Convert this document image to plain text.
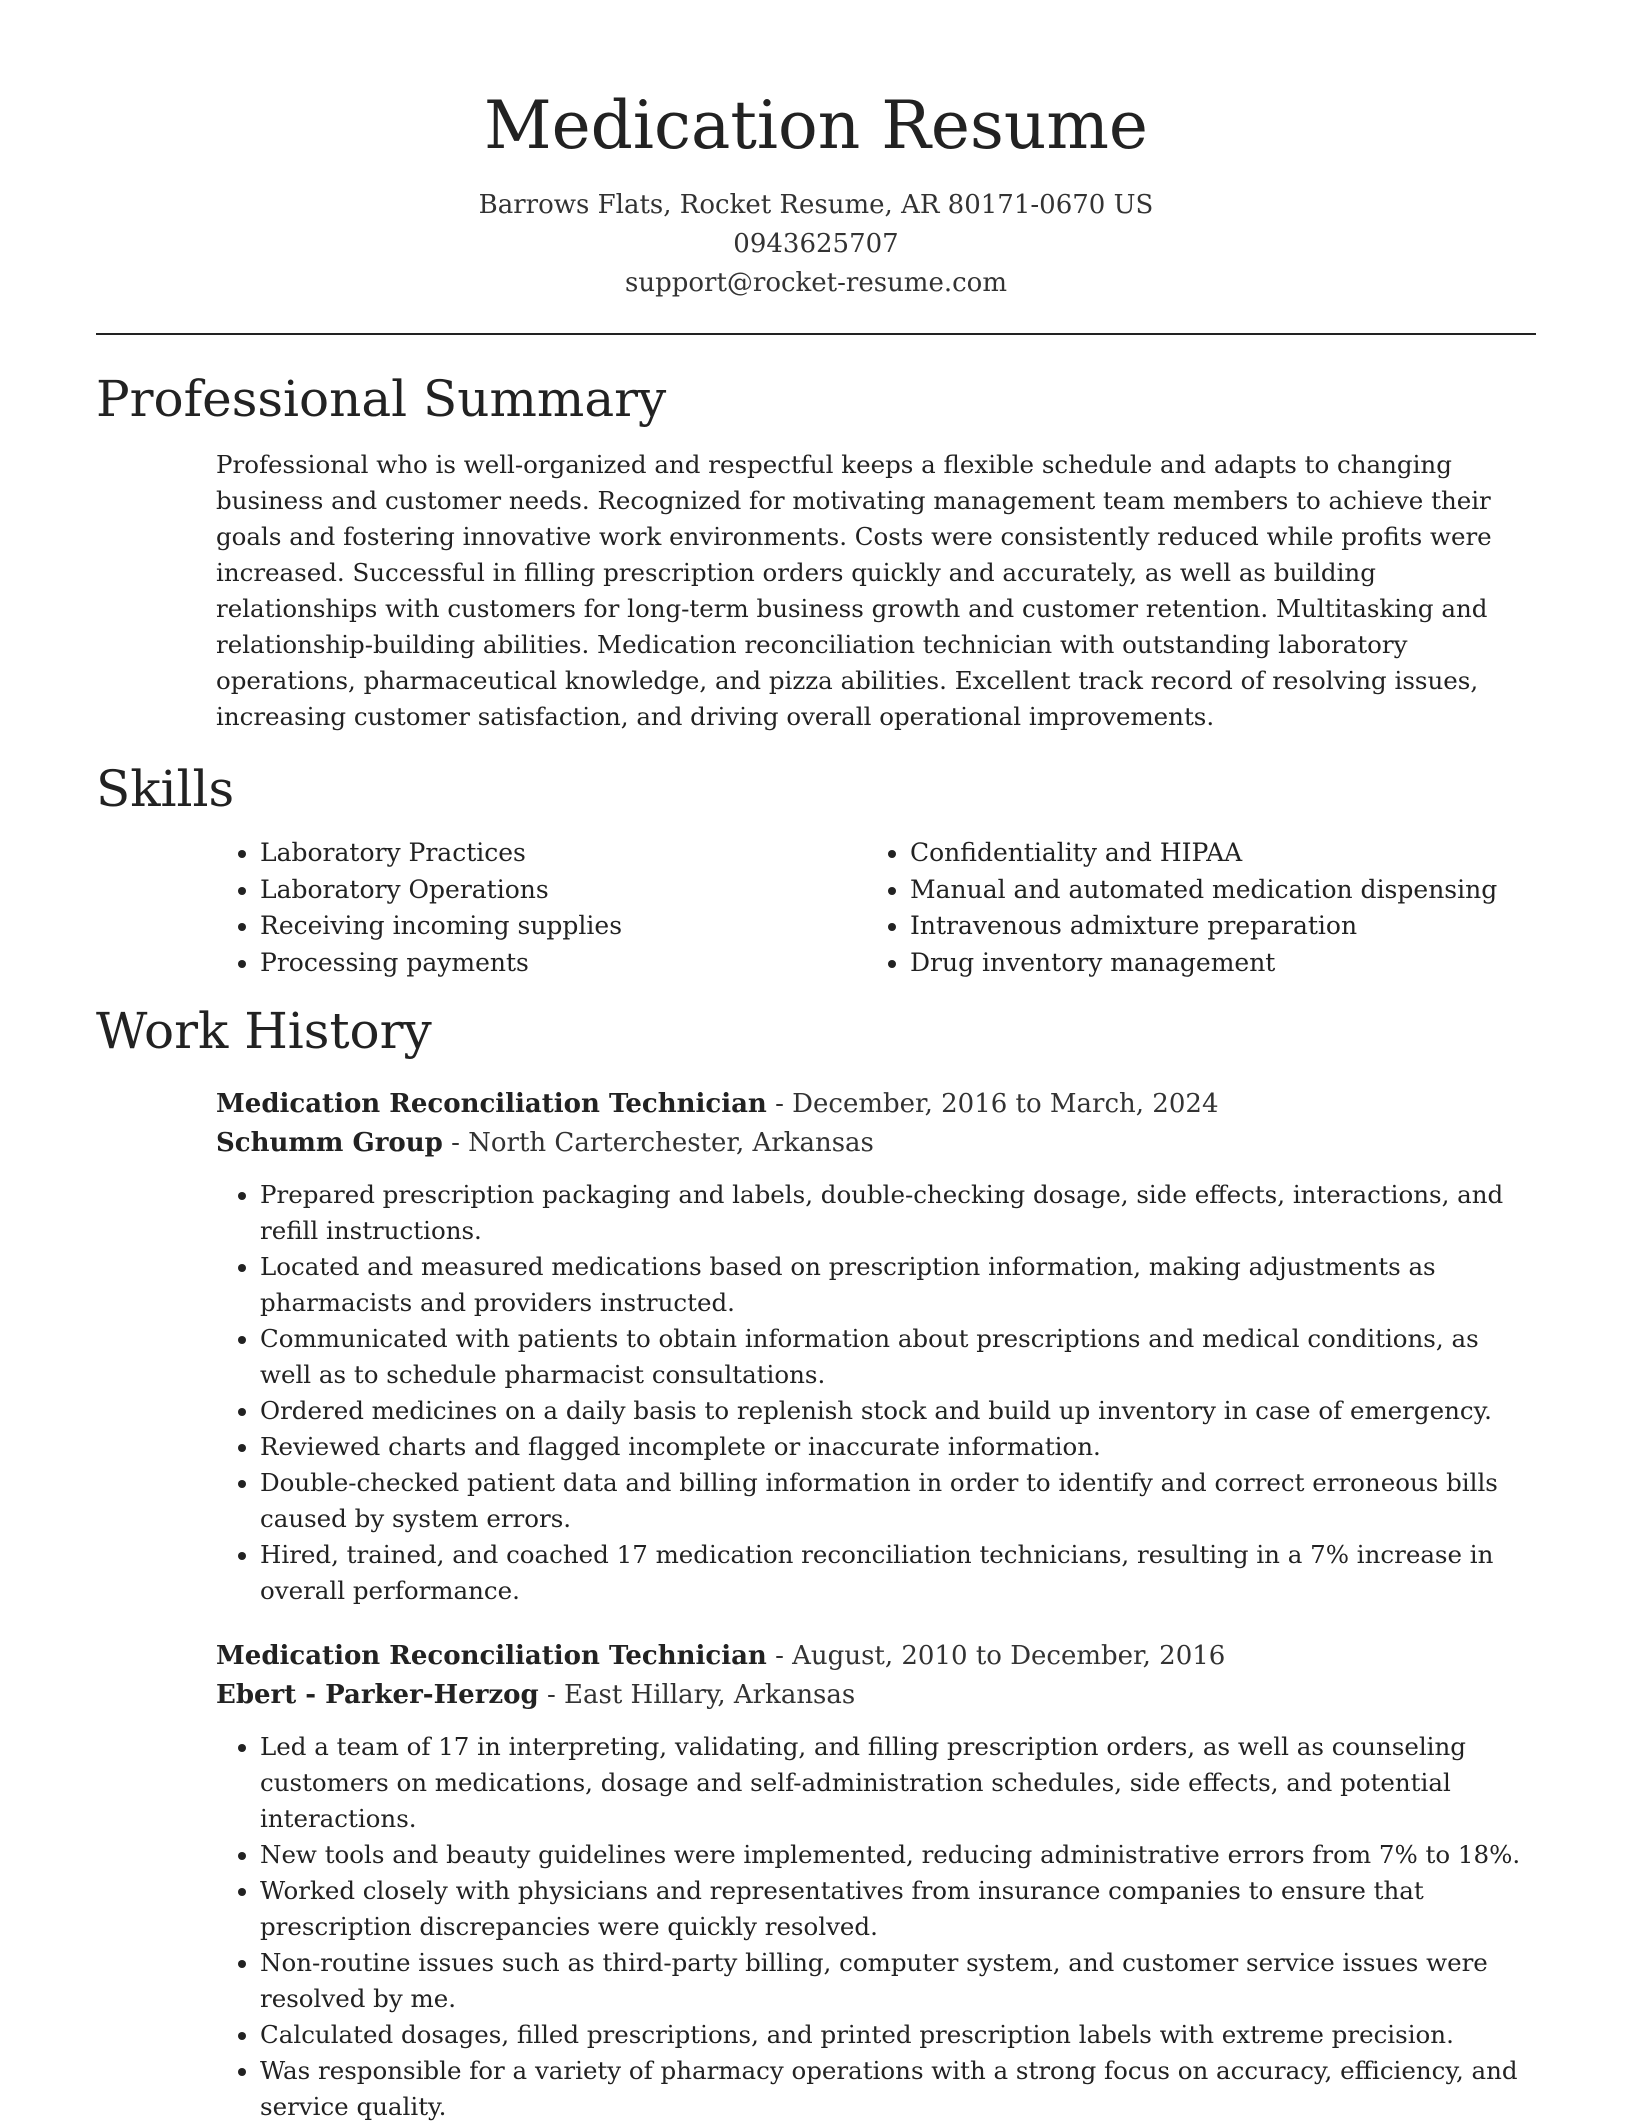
Medication Resume
Barrows Flats, Rocket Resume, AR 80171-0670 US
0943625707
support@rocket-resume.com
Professional Summary

Professional who is well-organized and respectful keeps a flexible schedule and adapts to changing business and customer needs. Recognized for motivating management team members to achieve their goals and fostering innovative work environments. Costs were consistently reduced while profits were increased. Successful in filling prescription orders quickly and accurately, as well as building relationships with customers for long-term business growth and customer retention. Multitasking and relationship-building abilities. Medication reconciliation technician with outstanding laboratory operations, pharmaceutical knowledge, and pizza abilities. Excellent track record of resolving issues, increasing customer satisfaction, and driving overall operational improvements.

Skills
• Laboratory Practices
• Laboratory Operations
• Receiving incoming supplies
• Processing payments
• Confidentiality and HIPAA
• Manual and automated medication dispensing
• Intravenous admixture preparation
• Drug inventory management
Work History
Medication Reconciliation Technician - December, 2016 to March, 2024
Schumm Group - North Carterchester, Arkansas
• Prepared prescription packaging and labels, double-checking dosage, side effects, interactions, and refill instructions.
• Located and measured medications based on prescription information, making adjustments as pharmacists and providers instructed.
• Communicated with patients to obtain information about prescriptions and medical conditions, as well as to schedule pharmacist consultations.
• Ordered medicines on a daily basis to replenish stock and build up inventory in case of emergency.
• Reviewed charts and flagged incomplete or inaccurate information.
• Double-checked patient data and billing information in order to identify and correct erroneous bills caused by system errors.
• Hired, trained, and coached 17 medication reconciliation technicians, resulting in a 7% increase in overall performance.
Medication Reconciliation Technician - August, 2010 to December, 2016
Ebert - Parker-Herzog - East Hillary, Arkansas
• Led a team of 17 in interpreting, validating, and filling prescription orders, as well as counseling customers on medications, dosage and self-administration schedules, side effects, and potential interactions.
• New tools and beauty guidelines were implemented, reducing administrative errors from 7% to 18%.
• Worked closely with physicians and representatives from insurance companies to ensure that prescription discrepancies were quickly resolved.
• Non-routine issues such as third-party billing, computer system, and customer service issues were resolved by me.
• Calculated dosages, filled prescriptions, and printed prescription labels with extreme precision.
• Was responsible for a variety of pharmacy operations with a strong focus on accuracy, efficiency, and service quality.
